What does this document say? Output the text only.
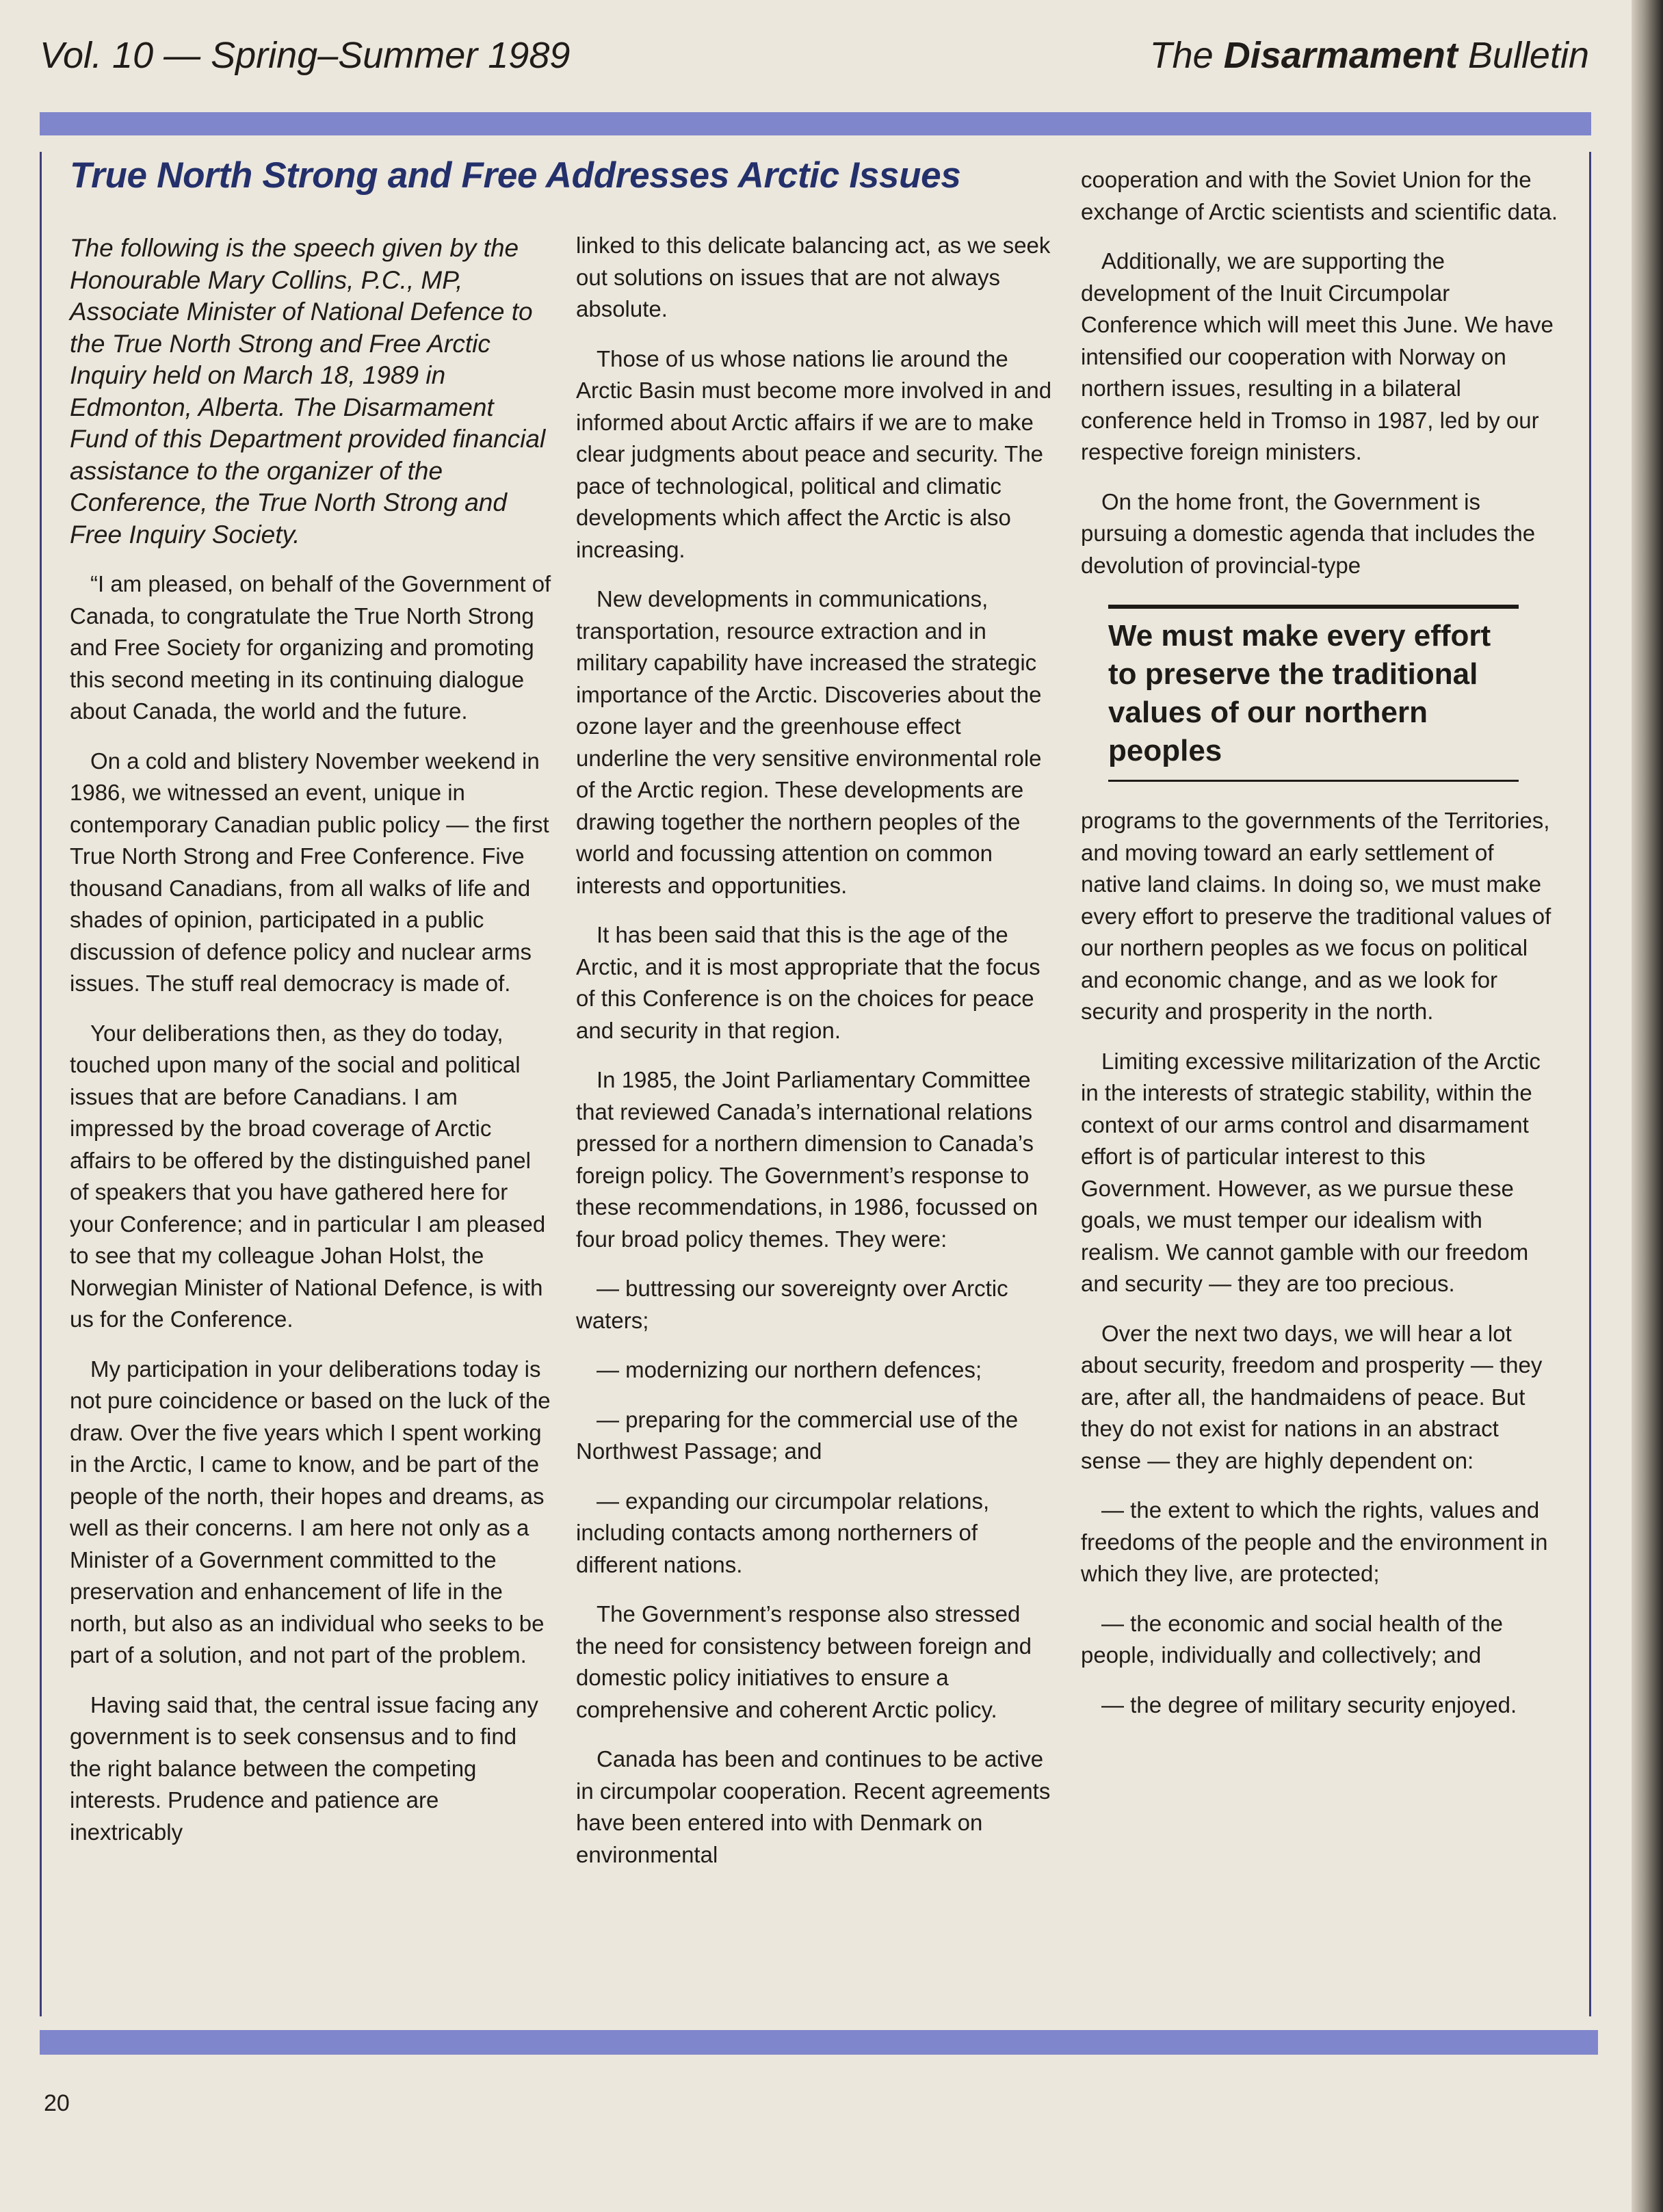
Vol. 10 — Spring–Summer 1989	The Disarmament Bulletin
True North Strong and Free Addresses Arctic Issues
The following is the speech given by the Honourable Mary Collins, P.C., MP, Associate Minister of National Defence to the True North Strong and Free Arctic Inquiry held on March 18, 1989 in Edmonton, Alberta. The Disarmament Fund of this Department provided financial assistance to the organizer of the Conference, the True North Strong and Free Inquiry Society.

“I am pleased, on behalf of the Government of Canada, to congratulate the True North Strong and Free Society for organizing and promoting this second meeting in its continuing dialogue about Canada, the world and the future.

On a cold and blistery November weekend in 1986, we witnessed an event, unique in contemporary Canadian public policy — the first True North Strong and Free Conference. Five thousand Canadians, from all walks of life and shades of opinion, participated in a public discussion of defence policy and nuclear arms issues. The stuff real democracy is made of.

Your deliberations then, as they do today, touched upon many of the social and political issues that are before Canadians. I am impressed by the broad coverage of Arctic affairs to be offered by the distinguished panel of speakers that you have gathered here for your Conference; and in particular I am pleased to see that my colleague Johan Holst, the Norwegian Minister of National Defence, is with us for the Conference.

My participation in your deliberations today is not pure coincidence or based on the luck of the draw. Over the five years which I spent working in the Arctic, I came to know, and be part of the people of the north, their hopes and dreams, as well as their concerns. I am here not only as a Minister of a Government committed to the preservation and enhancement of life in the north, but also as an individual who seeks to be part of a solution, and not part of the problem.

Having said that, the central issue facing any government is to seek consensus and to find the right balance between the competing interests. Prudence and patience are inextricably

linked to this delicate balancing act, as we seek out solutions on issues that are not always absolute.

Those of us whose nations lie around the Arctic Basin must become more involved in and informed about Arctic affairs if we are to make clear judgments about peace and security. The pace of technological, political and climatic developments which affect the Arctic is also increasing.

New developments in communications, transportation, resource extraction and in military capability have increased the strategic importance of the Arctic. Discoveries about the ozone layer and the greenhouse effect underline the very sensitive environmental role of the Arctic region. These developments are drawing together the northern peoples of the world and focussing attention on common interests and opportunities.

It has been said that this is the age of the Arctic, and it is most appropriate that the focus of this Conference is on the choices for peace and security in that region.

In 1985, the Joint Parliamentary Committee that reviewed Canada’s international relations pressed for a northern dimension to Canada’s foreign policy. The Government’s response to these recommendations, in 1986, focussed on four broad policy themes. They were:

— buttressing our sovereignty over Arctic waters;

— modernizing our northern defences;

— preparing for the commercial use of the Northwest Passage; and

— expanding our circumpolar relations, including contacts among northerners of different nations.

The Government’s response also stressed the need for consistency between foreign and domestic policy initiatives to ensure a comprehensive and coherent Arctic policy.

Canada has been and continues to be active in circumpolar cooperation. Recent agreements have been entered into with Denmark on environmental

cooperation and with the Soviet Union for the exchange of Arctic scientists and scientific data.

Additionally, we are supporting the development of the Inuit Circumpolar Conference which will meet this June. We have intensified our cooperation with Norway on northern issues, resulting in a bilateral conference held in Tromso in 1987, led by our respective foreign ministers.

On the home front, the Government is pursuing a domestic agenda that includes the devolution of provincial-type

We must make every effort to preserve the traditional values of our northern peoples

programs to the governments of the Territories, and moving toward an early settlement of native land claims. In doing so, we must make every effort to preserve the traditional values of our northern peoples as we focus on political and economic change, and as we look for security and prosperity in the north.

Limiting excessive militarization of the Arctic in the interests of strategic stability, within the context of our arms control and disarmament effort is of particular interest to this Government. However, as we pursue these goals, we must temper our idealism with realism. We cannot gamble with our freedom and security — they are too precious.

Over the next two days, we will hear a lot about security, freedom and prosperity — they are, after all, the handmaidens of peace. But they do not exist for nations in an abstract sense — they are highly dependent on:

— the extent to which the rights, values and freedoms of the people and the environment in which they live, are protected;

— the economic and social health of the people, individually and collectively; and

— the degree of military security enjoyed.

20
